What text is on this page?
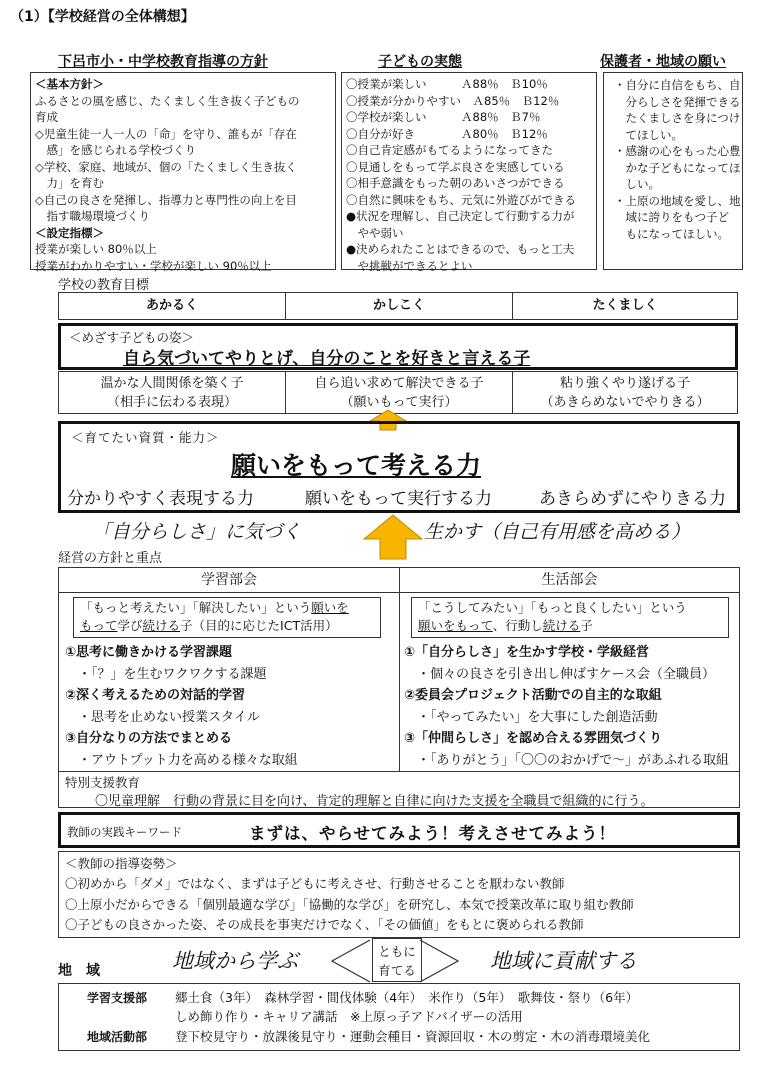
（1）【学校経営の全体構想】
下呂市小・中学校教育指導の方針	子どもの実態	保護者・地域の願い
＜基本方針＞
ふるさとの風を感じ、たくましく生き抜く子どもの
育成
◇児童生徒一人一人の「命」を守り、誰もが「存在
　感」を感じられる学校づくり
◇学校、家庭、地域が、個の「たくましく生き抜く
　力」を育む
◇自己の良さを発揮し、指導力と専門性の向上を目
　指す職場環境づくり
＜設定指標＞
授業が楽しい 80％以上
授業がわかりやすい・学校が楽しい 90％以上
〇授業が楽しい　　　Ａ88％　Ｂ10％
〇授業が分かりやすい　Ａ85％　Ｂ12％
〇学校が楽しい　　　Ａ88％　Ｂ7％
〇自分が好き　　　　Ａ80％　Ｂ12％
〇自己肯定感がもてるようになってきた
〇見通しをもって学ぶ良さを実感している
〇相手意識をもった朝のあいさつができる
〇自然に興味をもち、元気に外遊びができる
●状況を理解し、自己決定して行動する力が
　やや弱い
●決められたことはできるので、もっと工夫
　や挑戦ができるとよい
・自分に自信をもち、自
　分らしさを発揮できる
　たくましさを身につけ
　てほしい。
・感謝の心をもった心豊
　かな子どもになってほ
　しい。
・上原の地域を愛し、地
　域に誇りをもつ子ど
　もになってほしい。
学校の教育目標
あかるく	かしこく	たくましく
＜めざす子どもの姿＞
自ら気づいてやりとげ、自分のことを好きと言える子
温かな人間関係を築く子
（相手に伝わる表現）
自ら追い求めて解決できる子
（願いもって実行）
粘り強くやり遂げる子
（あきらめないでやりきる）
＜育てたい資質・能力＞
願いをもって考える力
分かりやすく表現する力	願いをもって実行する力	あきらめずにやりきる力
「自分らしさ」に気づく	生かす（自己有用感を高める）
経営の方針と重点
学習部会	生活部会
「もっと考えたい」「解決したい」という願いを
もって学び続ける子（目的に応じたICT活用）
「こうしてみたい」「もっと良くしたい」という
願いをもって、行動し続ける子
①思考に働きかける学習課題
　・「？」を生むワクワクする課題
②深く考えるための対話的学習
　・思考を止めない授業スタイル
③自分なりの方法でまとめる
　・アウトプット力を高める様々な取組
①「自分らしさ」を生かす学校・学級経営
　・個々の良さを引き出し伸ばすケース会（全職員）
②委員会プロジェクト活動での自主的な取組
　・「やってみたい」を大事にした創造活動
③「仲間らしさ」を認め合える雰囲気づくり
　・「ありがとう」「〇〇のおかげで～」があふれる取組
特別支援教育
〇児童理解　行動の背景に目を向け、肯定的理解と自律に向けた支援を全職員で組織的に行う。
教師の実践キーワード	まずは、やらせてみよう！考えさせてみよう！
＜教師の指導姿勢＞
〇初めから「ダメ」ではなく、まずは子どもに考えさせ、行動させることを厭わない教師
〇上原小だからできる「個別最適な学び」「協働的な学び」を研究し、本気で授業改革に取り組む教師
〇子どもの良さかった姿、その成長を事実だけでなく、「その価値」をもとに褒められる教師
地　域	地域から学ぶ	地域に貢献する
ともに
育てる
学習支援部 郷土食（3年）　森林学習・間伐体験（4年）　米作り（5年）　歌舞伎・祭り（6年）
しめ飾り作り・キャリア講話　※上原っ子アドバイザーの活用
地域活動部 登下校見守り・放課後見守り・運動会種目・資源回収・木の剪定・木の消毒環境美化
